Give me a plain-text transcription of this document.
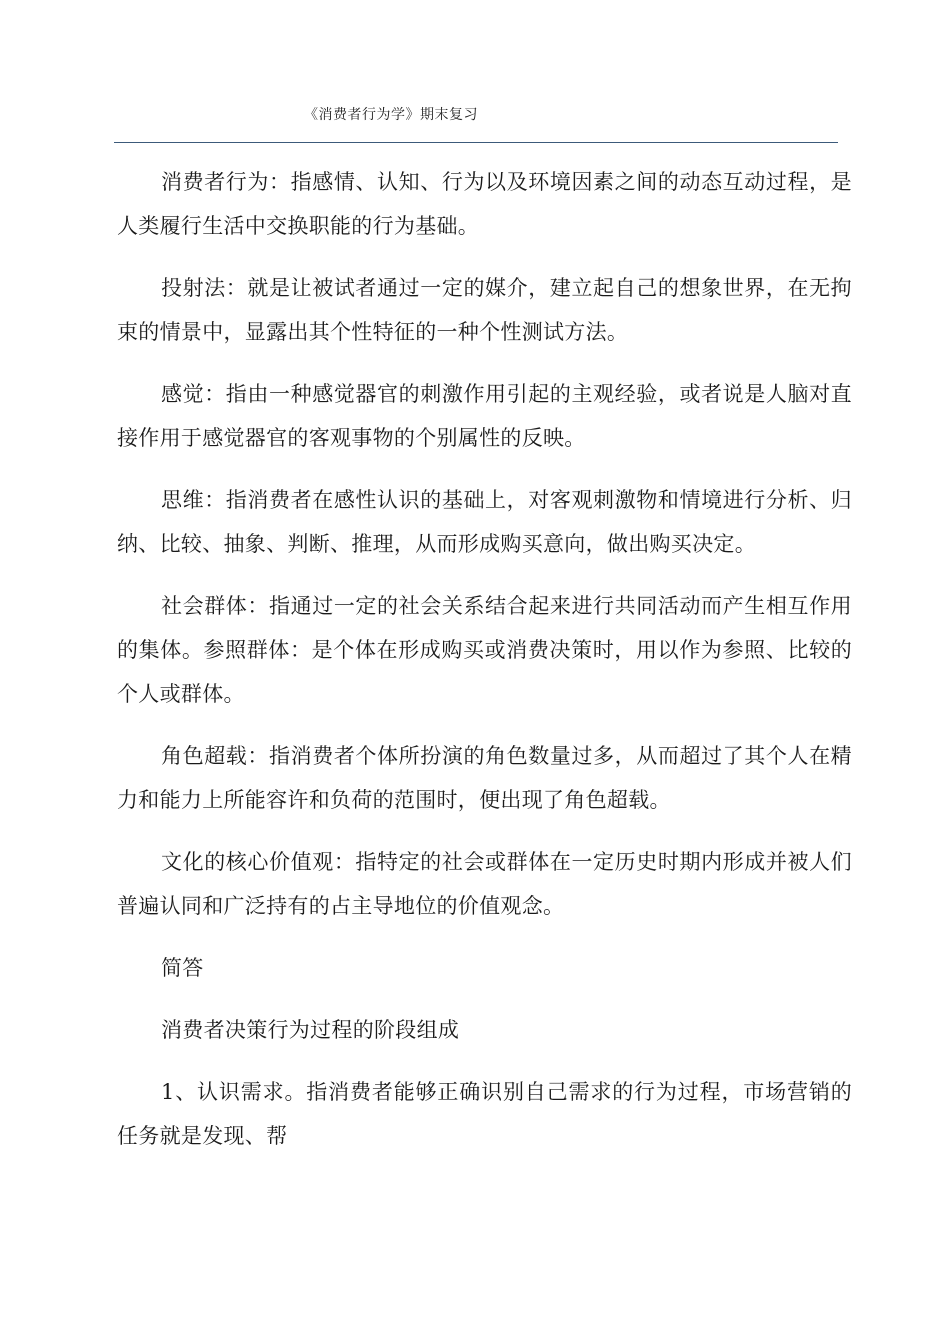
《消费者行为学》期末复习

消费者行为：指感情、认知、行为以及环境因素之间的动态互动过程，是人类履行生活中交换职能的行为基础。

投射法：就是让被试者通过一定的媒介，建立起自己的想象世界，在无拘束的情景中，显露出其个性特征的一种个性测试方法。

感觉：指由一种感觉器官的刺激作用引起的主观经验，或者说是人脑对直接作用于感觉器官的客观事物的个别属性的反映。

思维：指消费者在感性认识的基础上，对客观刺激物和情境进行分析、归纳、比较、抽象、判断、推理，从而形成购买意向，做出购买决定。

社会群体：指通过一定的社会关系结合起来进行共同活动而产生相互作用的集体。参照群体：是个体在形成购买或消费决策时，用以作为参照、比较的个人或群体。

角色超载：指消费者个体所扮演的角色数量过多，从而超过了其个人在精力和能力上所能容许和负荷的范围时，便出现了角色超载。

文化的核心价值观：指特定的社会或群体在一定历史时期内形成并被人们普遍认同和广泛持有的占主导地位的价值观念。

简答

消费者决策行为过程的阶段组成

1、认识需求。指消费者能够正确识别自己需求的行为过程，市场营销的任务就是发现、帮
